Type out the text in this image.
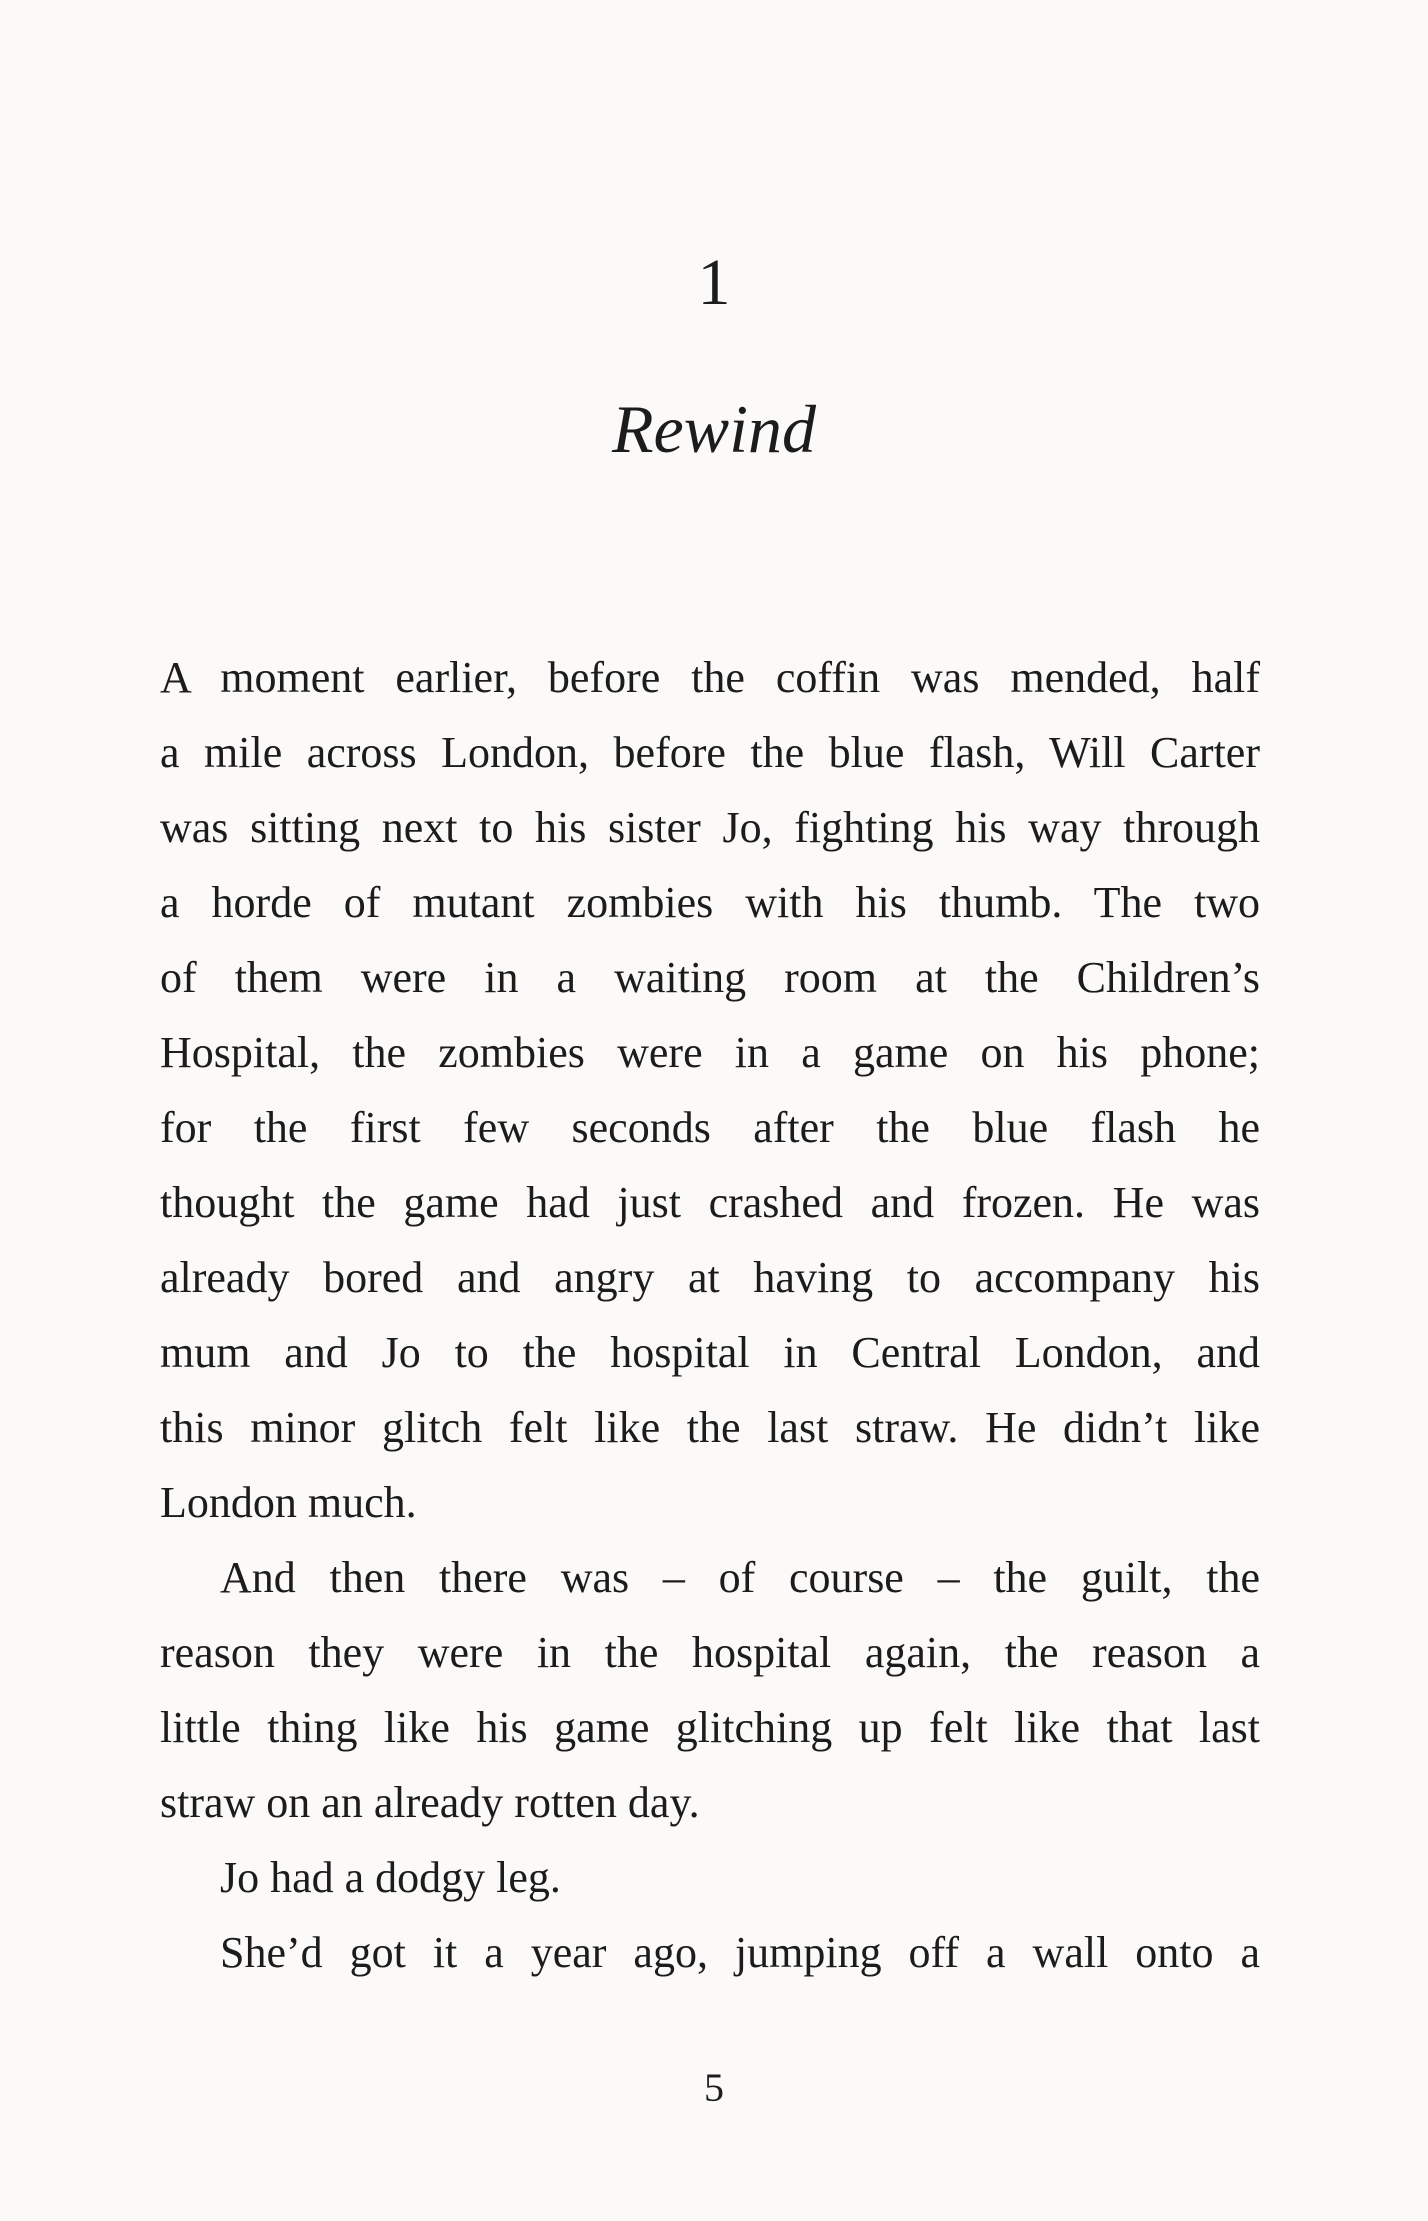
1
Rewind
A moment earlier, before the coffin was mended, half
a mile across London, before the blue flash, Will Carter
was sitting next to his sister Jo, fighting his way through
a horde of mutant zombies with his thumb. The two
of them were in a waiting room at the Children’s
Hospital, the zombies were in a game on his phone;
for the first few seconds after the blue flash he
thought the game had just crashed and frozen. He was
already bored and angry at having to accompany his
mum and Jo to the hospital in Central London, and
this minor glitch felt like the last straw. He didn’t like
London much.
And then there was – of course – the guilt, the
reason they were in the hospital again, the reason a
little thing like his game glitching up felt like that last
straw on an already rotten day.
Jo had a dodgy leg.
She’d got it a year ago, jumping off a wall onto a
5
